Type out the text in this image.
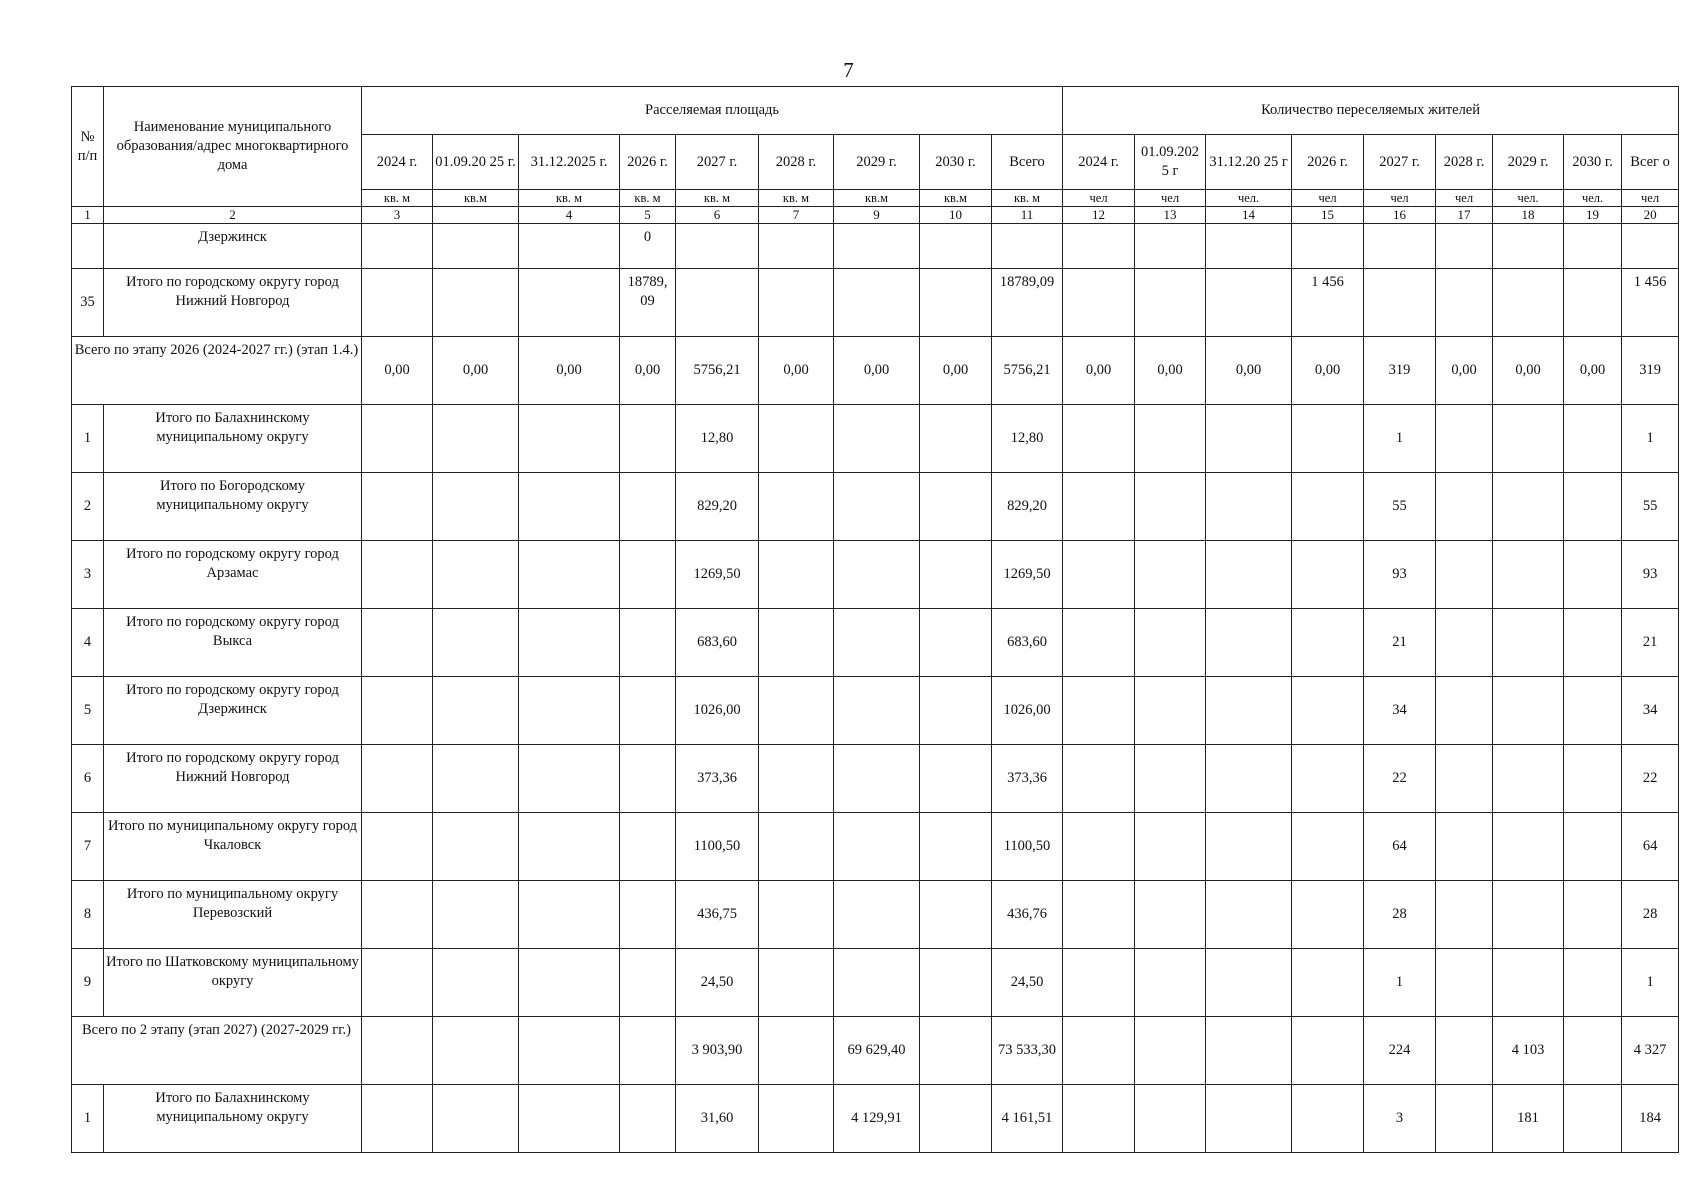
7
№ п/п	Наименование муниципального образования/адрес многоквартирного дома	Расселяемая площадь									Количество переселяемых жителей								
		2024 г.	01.09.20 25 г.	31.12.2025 г.	2026 г.	2027 г.	2028 г.	2029 г.	2030 г.	Всего	2024 г.	01.09.202 5 г	31.12.20 25 г	2026 г.	2027 г.	2028 г.	2029 г.	2030 г.	Всег о
		кв. м	кв.м	кв. м	кв. м	кв. м	кв. м	кв.м	кв.м	кв. м	чел	чел	чел.	чел	чел	чел	чел.	чел.	чел
1	2	3		4	5	6	7	9	10	11	12	13	14	15	16	17	18	19	20
	Дзержинск				0														
35	Итого по городскому округу город Нижний Новгород				18789, 09					18789,09				1 456					1 456
Всего по этапу 2026 (2024-2027 гг.) (этап 1.4.)		0,00	0,00	0,00	0,00	5756,21	0,00	0,00	0,00	5756,21	0,00	0,00	0,00	0,00	319	0,00	0,00	0,00	319
1	Итого по Балахнинскому муниципальному округу					12,80				12,80					1				1
2	Итого по Богородскому муниципальному округу					829,20				829,20					55				55
3	Итого по городскому округу город Арзамас					1269,50				1269,50					93				93
4	Итого по городскому округу город Выкса					683,60				683,60					21				21
5	Итого по городскому округу город Дзержинск					1026,00				1026,00					34				34
6	Итого по городскому округу город Нижний Новгород					373,36				373,36					22				22
7	Итого по муниципальному округу город Чкаловск					1100,50				1100,50					64				64
8	Итого по муниципальному округу Перевозский					436,75				436,76					28				28
9	Итого по Шатковскому муниципальному округу					24,50				24,50					1				1
Всего по 2 этапу (этап 2027) (2027-2029 гг.)						3 903,90		69 629,40		73 533,30					224		4 103		4 327
1	Итого по Балахнинскому муниципальному округу					31,60		4 129,91		4 161,51					3		181		184
